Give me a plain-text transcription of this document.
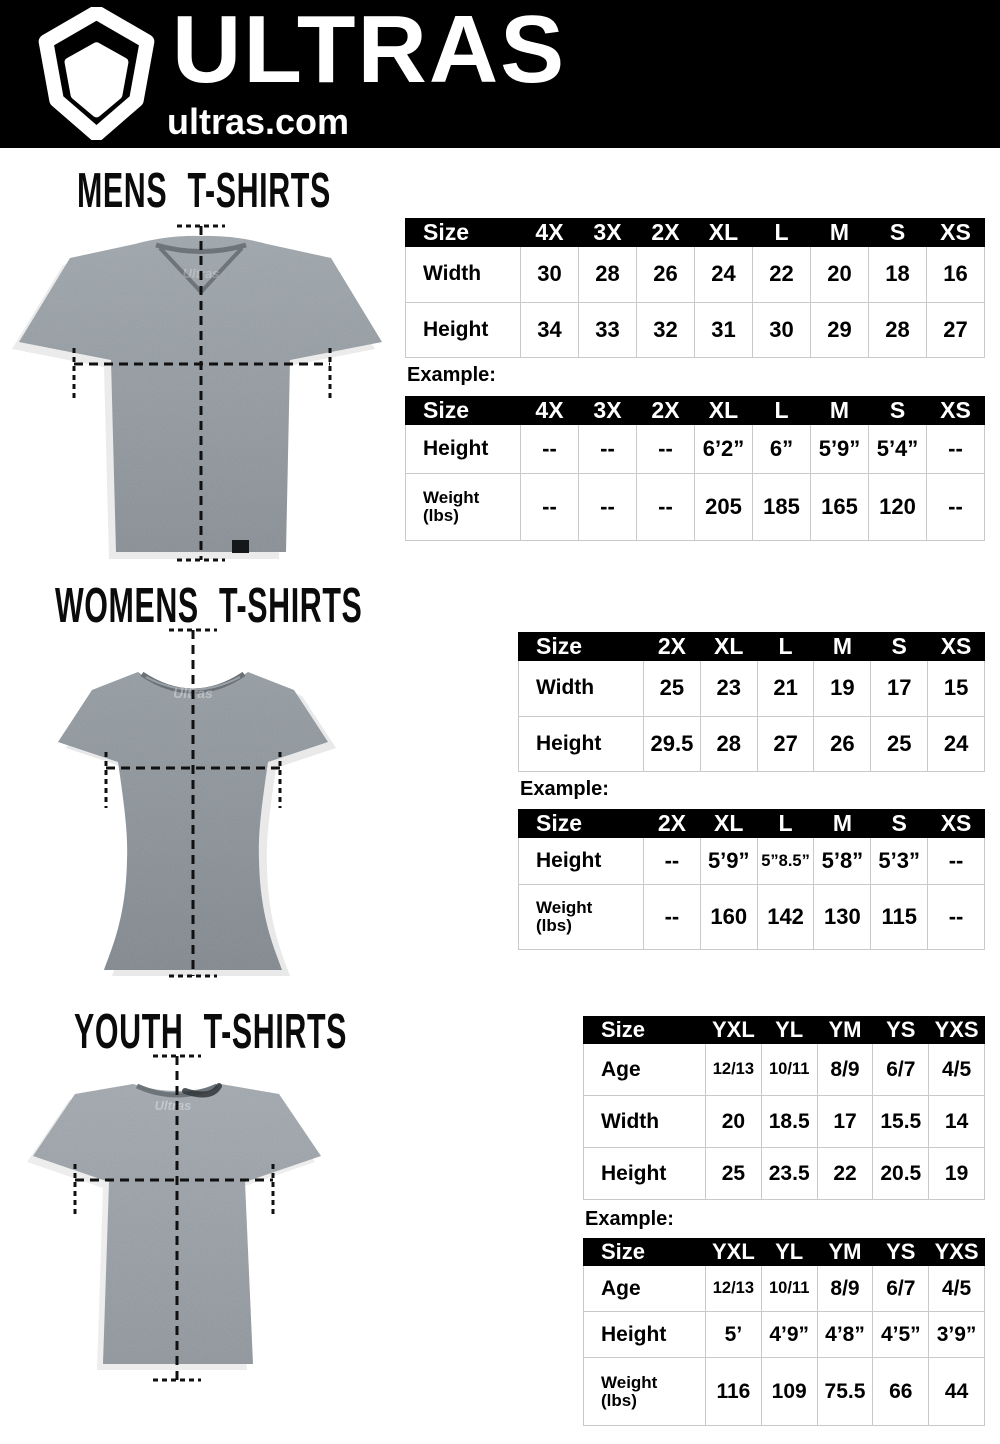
ULTRAS
ultras.com
MENS T-SHIRTS
Ultras
Size	4X	3X	2X	XL	L	M	S	XS
Width	30	28	26	24	22	20	18	16
Height	34	33	32	31	30	29	28	27
Example:
Size	4X	3X	2X	XL	L	M	S	XS
Height	--	--	--	6’2”	6”	5’9”	5’4”	--
Weight (lbs)	--	--	--	205	185	165	120	--
WOMENS T-SHIRTS
Ultras
Size	2X	XL	L	M	S	XS
Width	25	23	21	19	17	15
Height	29.5	28	27	26	25	24
Example:
Size	2X	XL	L	M	S	XS
Height	--	5’9”	5”8.5”	5’8”	5’3”	--
Weight (lbs)	--	160	142	130	115	--
YOUTH T-SHIRTS
Ultras
Size	YXL	YL	YM	YS	YXS
Age	12/13	10/11	8/9	6/7	4/5
Width	20	18.5	17	15.5	14
Height	25	23.5	22	20.5	19
Example:
Size	YXL	YL	YM	YS	YXS
Age	12/13	10/11	8/9	6/7	4/5
Height	5’	4’9”	4’8”	4’5”	3’9”
Weight (lbs)	116	109	75.5	66	44
